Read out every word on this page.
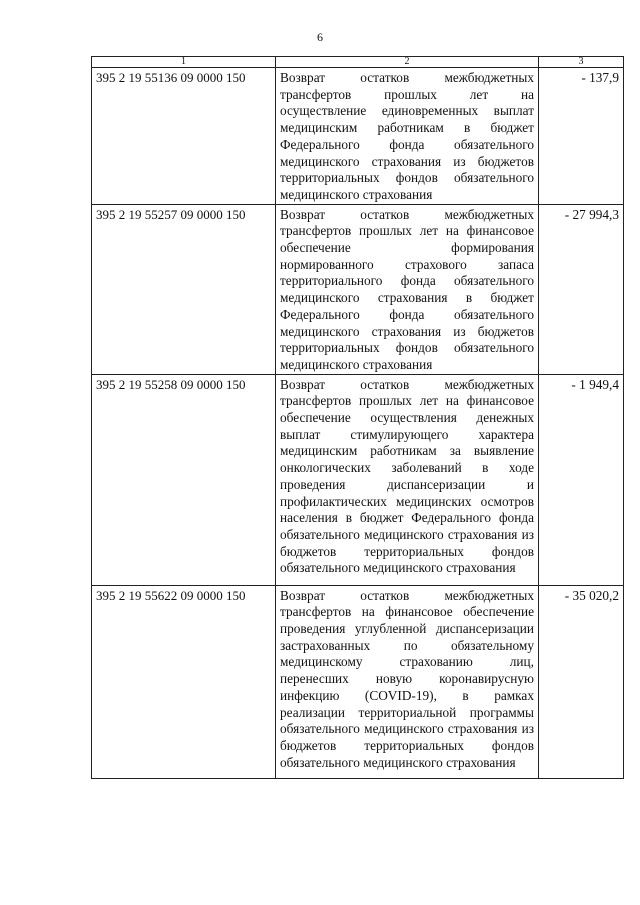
6
1	2	3
395 2 19 55136 09 0000 150	Возврат остатков межбюджетных трансфертов прошлых лет на осуществление единовременных выплат медицинским работникам в бюджет Федерального фонда обязательного медицинского страхования из бюджетов территориальных фондов обязательного медицинского страхования	- 137,9
395 2 19 55257 09 0000 150	Возврат остатков межбюджетных трансфертов прошлых лет на финансовое обеспечение формирования нормированного страхового запаса территориального фонда обязательного медицинского страхования в бюджет Федерального фонда обязательного медицинского страхования из бюджетов территориальных фондов обязательного медицинского страхования	- 27 994,3
395 2 19 55258 09 0000 150	Возврат остатков межбюджетных трансфертов прошлых лет на финансовое обеспечение осуществления денежных выплат стимулирующего характера медицинским работникам за выявление онкологических заболеваний в ходе проведения диспансеризации и профилактических медицинских осмотров населения в бюджет Федерального фонда обязательного медицинского страхования из бюджетов территориальных фондов обязательного медицинского страхования	- 1 949,4
395 2 19 55622 09 0000 150	Возврат остатков межбюджетных трансфертов на финансовое обеспечение проведения углубленной диспансеризации застрахованных по обязательному медицинскому страхованию лиц, перенесших новую коронавирусную инфекцию (COVID-19), в рамках реализации территориальной программы обязательного медицинского страхования из бюджетов территориальных фондов обязательного медицинского страхования	- 35 020,2
